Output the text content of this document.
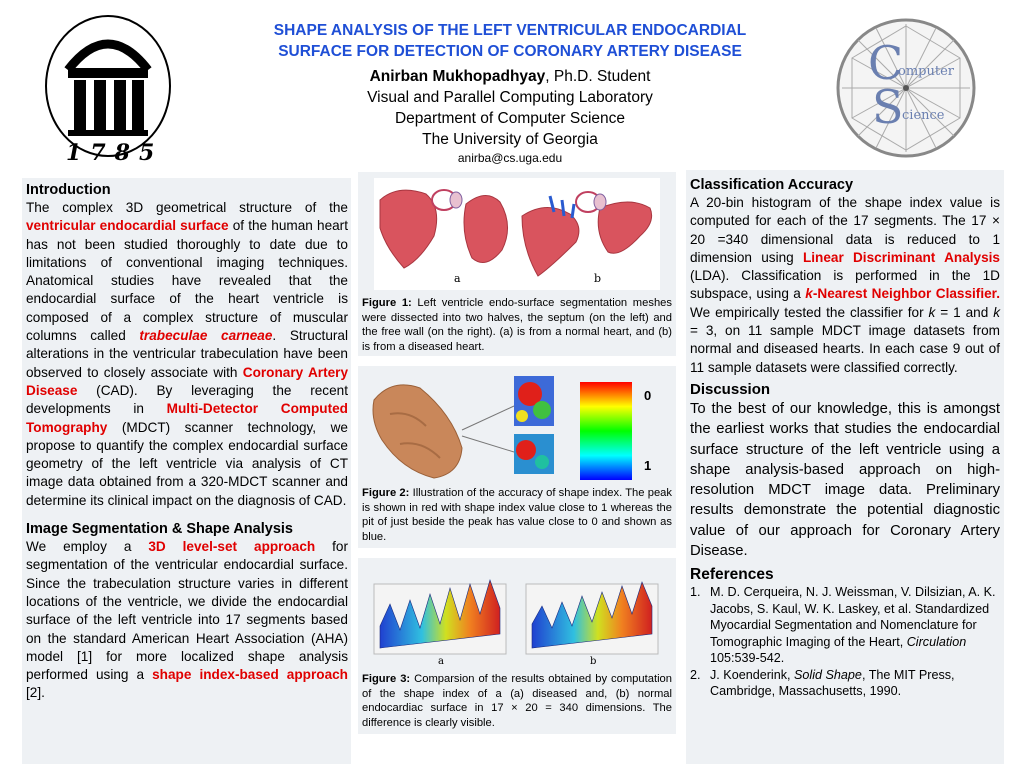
1785
SHAPE ANALYSIS OF THE LEFT VENTRICULAR ENDOCARDIAL
SURFACE FOR DETECTION OF CORONARY ARTERY DISEASE
Anirban Mukhopadhyay, Ph.D. Student
Visual and Parallel Computing Laboratory
Department of Computer Science
The University of Georgia
anirba@cs.uga.edu
C
omputer
S
cience
Introduction

The complex 3D geometrical structure of the ventricular endocardial surface of the human heart has not been studied thoroughly to date due to limitations of conventional imaging techniques. Anatomical studies have revealed that the endocardial surface of the heart ventricle is composed of a complex structure of muscular columns called trabeculae carneae. Structural alterations in the ventricular trabeculation have been observed to closely associate with Coronary Artery Disease (CAD). By leveraging the recent developments in Multi-Detector Computed Tomography (MDCT) scanner technology, we propose to quantify the complex endocardial surface geometry of the left ventricle via analysis of CT image data obtained from a 320-MDCT scanner and determine its clinical impact on the diagnosis of CAD.

Image Segmentation & Shape Analysis

We employ a 3D level-set approach for segmentation of the ventricular endocardial surface. Since the trabeculation structure varies in different locations of the ventricle, we divide the endocardial surface of the left ventricle into 17 segments based on the standard American Heart Association (AHA) model [1] for more localized shape analysis performed using a shape index-based approach [2].

a	b
Figure 1: Left ventricle endo-surface segmentation meshes were dissected into two halves, the septum (on the left) and the free wall (on the right). (a) is from a normal heart, and (b) is from a diseased heart.
0
1
Figure 2: Illustration of the accuracy of shape index. The peak is shown in red with shape index value close to 1 whereas the pit of just beside the peak has value close to 0 and shown as blue.
a	b
Figure 3: Comparsion of the results obtained by computation of the shape index of a (a) diseased and, (b) normal endocardiac surface in 17 × 20 = 340 dimensions. The difference is clearly visible.
Classification Accuracy

A 20-bin histogram of the shape index value is computed for each of the 17 segments. The 17 × 20 =340 dimensional data is reduced to 1 dimension using Linear Discriminant Analysis (LDA). Classification is performed in the 1D subspace, using a k-Nearest Neighbor Classifier. We empirically tested the classifier for k = 1 and k = 3, on 11 sample MDCT image datasets from normal and diseased hearts. In each case 9 out of 11 sample datasets were classified correctly.

Discussion

To the best of our knowledge, this is amongst the earliest works that studies the endocardial surface structure of the left ventricle using a shape analysis-based approach on high-resolution MDCT image data. Preliminary results demonstrate the potential diagnostic value of our approach for Coronary Artery Disease.

References
1. M. D. Cerqueira, N. J. Weissman, V. Dilsizian, A. K. Jacobs, S. Kaul, W. K. Laskey, et al. Standardized Myocardial Segmentation and Nomenclature for Tomographic Imaging of the Heart, Circulation 105:539-542.
2. J. Koenderink, Solid Shape, The MIT Press, Cambridge, Massachusetts, 1990.
